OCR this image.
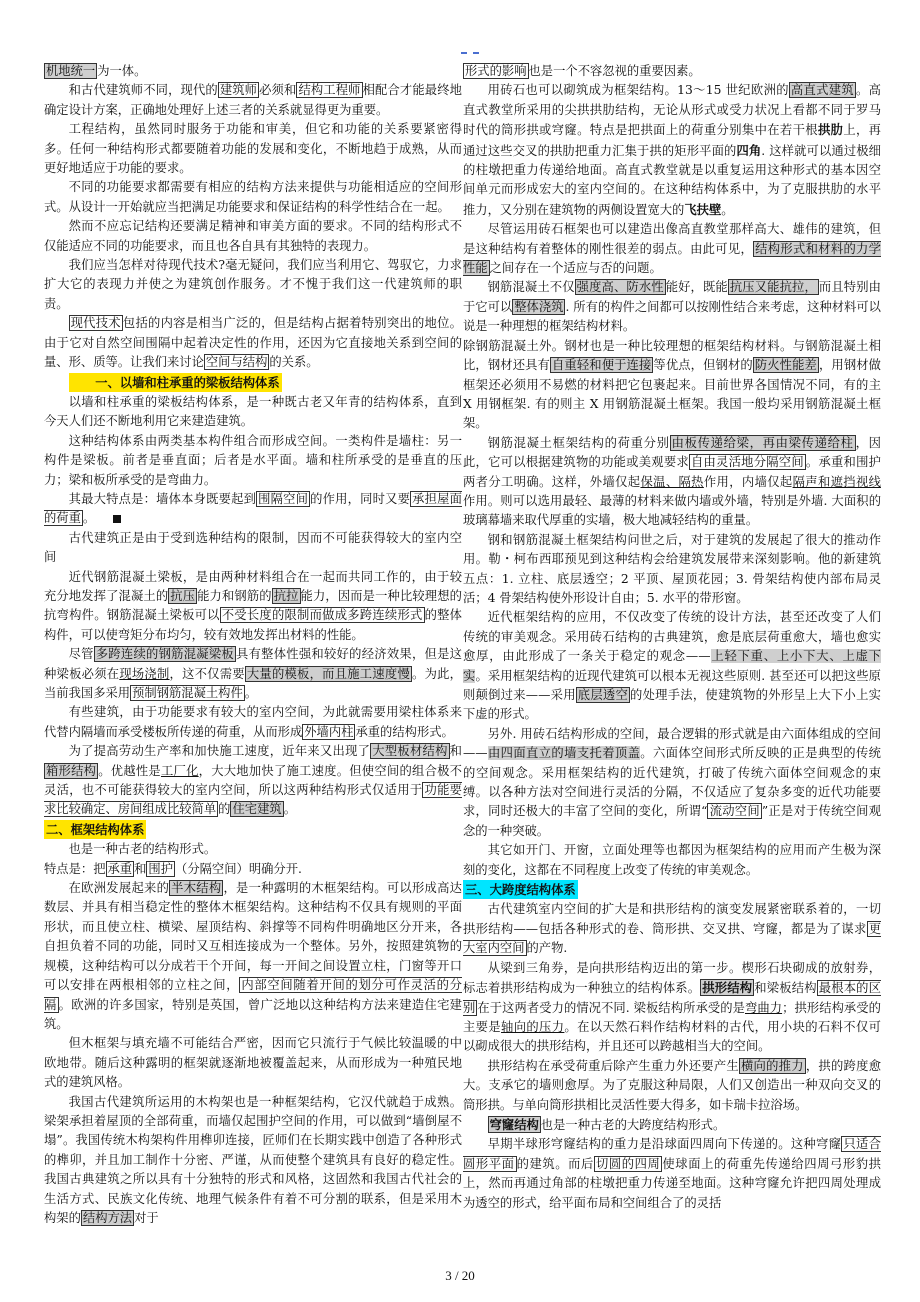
机地统一 为一体。

和古代建筑师不同，现代的 建筑师 必须和 结构工程师 相配合才能最终地确定设计方案，正确地处理好上述三者的关系就显得更为重要。

工程结构，虽然同时服务于功能和审美，但它和功能的关系要紧密得多。任何一种结构形式都要随着功能的发展和变化，不断地趋于成熟，从而更好地适应于功能的要求。

不同的功能要求都需要有相应的结构方法来提供与功能相适应的空间形式。从设计一开始就应当把满足功能要求和保证结构的科学性结合在一起。

然而不应忘记结构还要满足精神和审美方面的要求。不同的结构形式不仅能适应不同的功能要求，而且也各自具有其独特的表现力。

我们应当怎样对待现代技术?毫无疑问，我们应当利用它、驾驭它，力求扩大它的表现力并使之为建筑创作服务。才不愧于我们这一代建筑师的职责。

现代技术 包括的内容是相当广泛的，但是结构占据着特别突出的地位。由于它对自然空间围隔中起着决定性的作用，还因为它直接地关系到空间的量、形、质等。让我们来讨论 空间与结构 的关系。

一、以墙和柱承重的梁板结构体系

以墙和柱承重的梁板结构体系，是一种既古老又年青的结构体系，直到今天人们还不断地利用它来建造建筑。

这种结构体系由两类基本构件组合而形成空间。一类构件是墙柱：另一构件是梁板。前者是垂直面；后者是水平面。墙和柱所承受的是垂直的压力；梁和板所承受的是弯曲力。

其最大特点是：墙体本身既要起到 围隔空间 的作用，同时又要 承担屋面的荷重 。

古代建筑正是由于受到选种结构的限制，因而不可能获得较大的室内空间

近代钢筋混凝土梁板，是由两种材料组合在一起而共同工作的，由于较充分地发挥了混凝土的 抗压 能力和钢筋的 抗拉 能力，因而是一种比较理想的抗弯构件。钢筋混凝土梁板可以 不受长度的限制而做成多跨连续形式 的整体构件，可以使弯矩分布均匀，较有效地发挥出材料的性能。

尽管 多跨连续的钢筋混凝梁板 具有整体性强和较好的经济效果，但是这种梁板必须在现场浇制，这不仅需要 大量的模板，而且施工速度慢 。为此，当前我国多采用 预制钢筋混凝土构件 。

有些建筑，由于功能要求有较大的室内空间，为此就需要用梁柱体系来代替内隔墙而承受楼板所传递的荷重，从而形成 外墙内柱 承重的结构形式。

为了提高劳动生产率和加快施工速度，近年来又出现了 大型板材结构 和箱形结构 。优越性是工厂化，大大地加快了施工速度。但使空间的组合极不灵活，也不可能获得较大的室内空间，所以这两种结构形式仅适用于 功能要求比较确定、房间组成比较简单 的 住宅建筑 。

二、框架结构体系

也是一种古老的结构形式。

特点是：把 承重 和 围护 （分隔空间）明确分开.

在欧洲发展起来的 半木结构 ，是一种露明的木框架结构。可以形成高达数层、并具有相当稳定性的整体木框架结构。这种结构不仅具有规则的平面形状，而且使立柱、横梁、屋顶结构、斜撑等不同构件明确地区分开来，各自担负着不同的功能，同时又互相连接成为一个整体。另外，按照建筑物的规模，这种结构可以分成若干个开间，每一开间之间设置立柱，门窗等开口可以安排在两根相邻的立柱之间， 内部空间随着开间的划分可作灵活的分隔 。欧洲的许多国家，特别是英国，曾广泛地以这种结构方法来建造住宅建筑。

但木框架与填充墙不可能结合严密，因而它只流行于气候比较温暖的中欧地带。随后这种露明的框架就逐渐地被覆盖起来，从而形成为一种殖民地式的建筑风格。

我国古代建筑所运用的木构架也是一种框架结构，它汉代就趋于成熟。梁架承担着屋顶的全部荷重，而墙仅起围护空间的作用，可以做到“墙倒屋不塌”。我国传统木构架构件用榫卯连接，匠师们在长期实践中创造了各种形式的榫卯，并且加工制作十分密、严谨，从而使整个建筑具有良好的稳定性。我国古典建筑之所以具有十分独特的形式和风格，这固然和我国古代社会的生活方式、民族文化传统、地理气候条件有着不可分割的联系，但是采用木构架的 结构方法 对于

形式的影响 也是一个不容忽视的重要因素。

用砖石也可以砌筑成为框架结构。13～15 世纪欧洲的 高直式建筑 。高直式教堂所采用的尖拱拱肋结构，无论从形式或受力状况上看都不同于罗马时代的筒形拱或穹窿。特点是把拱面上的荷重分别集中在若干根拱肋上，再通过这些交叉的拱肋把重力汇集于拱的矩形平面的四角. 这样就可以通过极细的柱墩把重力传递给地面。高直式教堂就是以重复运用这种形式的基本因空间单元而形成宏大的室内空间的。在这种结构体系中，为了克服拱肋的水平推力，又分别在建筑物的两侧设置宽大的飞扶壁。

尽管运用砖石框架也可以建造出像高直教堂那样高大、雄伟的建筑，但是这种结构有着整体的刚性很差的弱点。由此可见， 结构形式和材料的力学性能 之间存在一个适应与否的问题。

钢筋混凝土不仅 强度高、防水性 能好，既能 抗压又能抗拉， 而且特别由于它可以 整体浇筑 . 所有的构件之间都可以按刚性结合来考虑，这种材料可以说是一种理想的框架结构材料。

除钢筋混凝土外。钢材也是一种比较理想的框架结构材料。与钢筋混凝土相比，钢材还具有 自重轻和便于连接 等优点，但钢材的 防火性能差 ，用钢材做框架还必须用不易燃的材料把它包裹起来。目前世界各国情况不同，有的主 X 用钢框架. 有的则主 X 用钢筋混凝土框架。我国一般均采用钢筋混凝土框架。

钢筋混凝土框架结构的荷重分别 由板传递给梁，再由梁传递给柱 ，因此，它可以根据建筑物的功能或美观要求 自由灵活地分隔空间 。承重和围护两者分工明确。这样，外墙仅起保温、隔热作用，内墙仅起隔声和遮挡视线作用。则可以选用最轻、最薄的材料来做内墙或外墙，特别是外墙. 大面积的玻璃幕墙来取代厚重的实墙，极大地减轻结构的重量。

钢和钢筋混凝土框架结构问世之后，对于建筑的发展起了很大的推动作用。勒・柯布西耶预见到这种结构会给建筑发展带来深刻影响。他的新建筑五点：1. 立柱、底层透空；2 平顶、屋顶花园；3. 骨架结构使内部布局灵活；4 骨架结构使外形设计自由；5. 水平的带形窗。

近代框架结构的应用，不仅改变了传统的设计方法，甚至还改变了人们传统的审美观念。采用砖石结构的古典建筑，愈是底层荷重愈大，墙也愈实愈厚，由此形成了一条关于稳定的观念——上轻下重、上小下大、上虚下实。采用框架结构的近现代建筑可以根本无视这些原则. 甚至还可以把这些原则颠倒过来——采用 底层透空 的处理手法，使建筑物的外形呈上大下小上实下虚的形式。

另外. 用砖石结构形成的空间，最合逻辑的形式就是由六面体组成的空间——由四面直立的墙支托着顶盖。六面体空间形式所反映的正是典型的传统的空间观念。采用框架结构的近代建筑，打破了传统六面体空间观念的束缚。以各种方法对空间进行灵活的分隔，不仅适应了复杂多变的近代功能要求，同时还极大的丰富了空间的变化，所谓“ 流动空间 ”正是对于传统空间观念的一种突破。

其它如开门、开窗，立面处理等也都因为框架结构的应用而产生极为深刻的变化，这都在不同程度上改变了传统的审美观念。

三、大跨度结构体系

古代建筑室内空间的扩大是和拱形结构的演变发展紧密联系着的，一切拱形结构——包括各种形式的卷、筒形拱、交叉拱、穹窿，都是为了谋求 更大室内空间 的产物.

从梁到三角券，是向拱形结构迈出的第一步。楔形石块砌成的放射券，标志着拱形结构成为一种独立的结构体系。 拱形结构 和梁板结构 最根本的区别 在于这两者受力的情况不同. 梁板结构所承受的是弯曲力；拱形结构承受的主要是轴向的压力。在以天然石料作结构材料的古代，用小块的石料不仅可以砌成很大的拱形结构，并且还可以跨越相当大的空间。

拱形结构在承受荷重后除产生重力外还要产生 横向的推力 ，拱的跨度愈大。支承它的墙则愈厚。为了克服这种局限，人们又创造出一种双向交叉的筒形拱。与单向筒形拱相比灵活性要大得多，如卡瑞卡拉浴场。

穹窿结构 也是一种古老的大跨度结构形式。

早期半球形穹窿结构的重力是沿球面四周向下传递的。这种穹窿 只适合圆形平面 的建筑。而后 切圆的四周 使球面上的荷重先传递给四周弓形豹拱上，然而再通过角部的柱墩把重力传递至地面。这种穹窿允许把四周处理成为透空的形式，给平面布局和空间组合了的灵括

3 / 20
